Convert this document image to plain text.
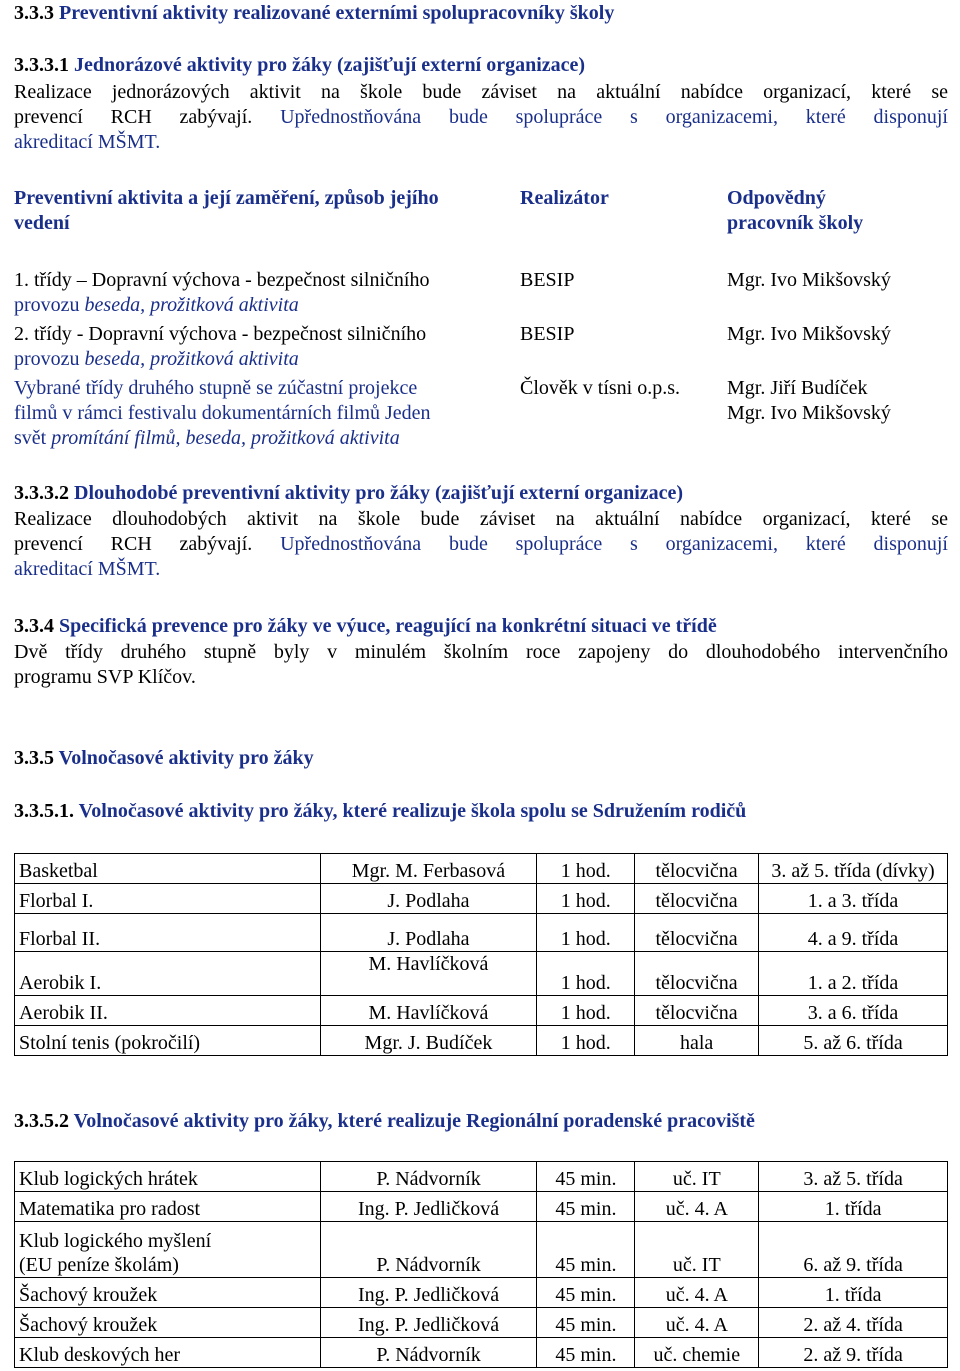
3.3.3 Preventivní aktivity realizované externími spolupracovníky školy
3.3.3.1 Jednorázové aktivity pro žáky (zajišťují externí organizace)

Realizace jednorázových aktivit na škole bude záviset na aktuální nabídce organizací, které se

prevencí RCH zabývají. Upřednostňována bude spolupráce s organizacemi, které disponují

akreditací MŠMT.

Preventivní aktivita a její zaměření, způsob jejího
vedení
Realizátor	Odpovědný
pracovník školy
1. třídy – Dopravní výchova - bezpečnost silničního
provozu beseda, prožitková aktivita
BESIP	Mgr. Ivo Mikšovský
2. třídy - Dopravní výchova - bezpečnost silničního
provozu beseda, prožitková aktivita
BESIP	Mgr. Ivo Mikšovský
Vybrané třídy druhého stupně se zúčastní projekce
filmů v rámci festivalu dokumentárních filmů Jeden
svět promítání filmů, beseda, prožitková aktivita
Člověk v tísni o.p.s.	Mgr. Jiří Budíček
Mgr. Ivo Mikšovský
3.3.3.2 Dlouhodobé preventivní aktivity pro žáky (zajišťují externí organizace)

Realizace dlouhodobých aktivit na škole bude záviset na aktuální nabídce organizací, které se

prevencí RCH zabývají. Upřednostňována bude spolupráce s organizacemi, které disponují

akreditací MŠMT.

3.3.4 Specifická prevence pro žáky ve výuce, reagující na konkrétní situaci ve třídě

Dvě třídy druhého stupně byly v minulém školním roce zapojeny do dlouhodobého intervenčního

programu SVP Klíčov.

3.3.5 Volnočasové aktivity pro žáky
3.3.5.1. Volnočasové aktivity pro žáky, které realizuje škola spolu se Sdružením rodičů
Basketbal	Mgr. M. Ferbasová	1 hod.	tělocvična	3. až 5. třída (dívky)
Florbal I.	J. Podlaha	1 hod.	tělocvična	1. a 3. třída
Florbal II.	J. Podlaha	1 hod.	tělocvična	4. a 9. třída
Aerobik I.	M. Havlíčková	1 hod.	tělocvična	1. a 2. třída
Aerobik II.	M. Havlíčková	1 hod.	tělocvična	3. a 6. třída
Stolní tenis (pokročilí)	Mgr. J. Budíček	1 hod.	hala	5. až 6. třída
3.3.5.2 Volnočasové aktivity pro žáky, které realizuje Regionální poradenské pracoviště
Klub logických hrátek	P. Nádvorník	45 min.	uč. IT	3. až 5. třída

Matematika pro radost	Ing. P. Jedličková	45 min.	uč. 4. A	1. třída

Klub logického myšlení
(EU peníze školám)	P. Nádvorník	45 min.	uč. IT	6. až 9. třída

Šachový kroužek	Ing. P. Jedličková	45 min.	uč. 4. A	1. třída

Šachový kroužek	Ing. P. Jedličková	45 min.	uč. 4. A	2. až 4. třída

Klub deskových her	P. Nádvorník	45 min.	uč. chemie	2. až 9. třída
